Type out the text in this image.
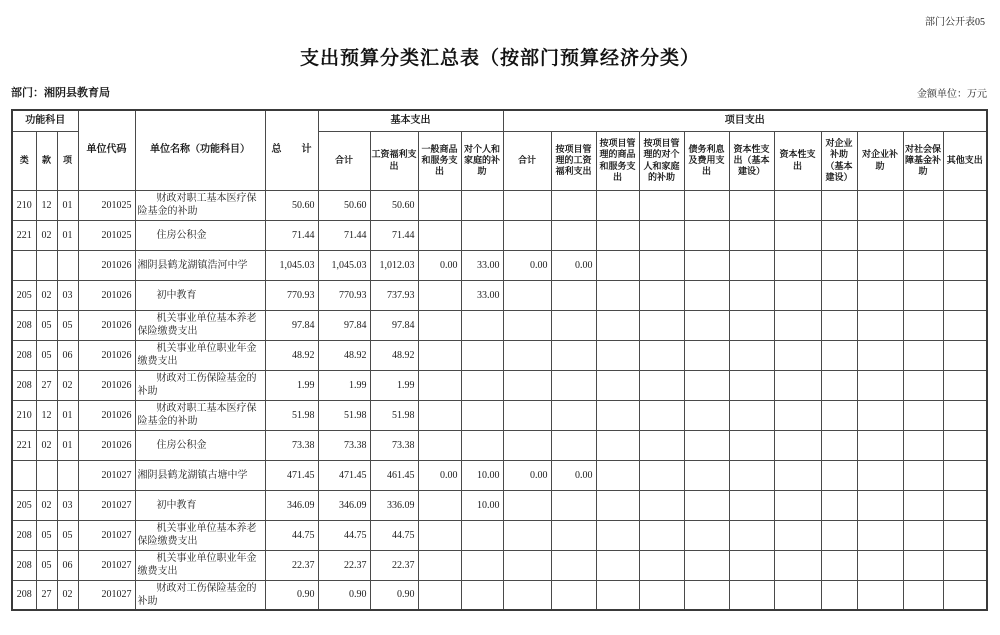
部门公开表05
支出预算分类汇总表（按部门预算经济分类）
部门：湘阴县教育局	金额单位：万元
功能科目			单位代码	单位名称（功能科目）	总　　计	基本支出				项目支出										
类	款	项				合计	工资福利支出	一般商品和服务支出	对个人和家庭的补助	合计	按项目管理的工资福利支出	按项目管理的商品和服务支出	按项目管理的对个人和家庭的补助	债务利息及费用支出	资本性支出（基本建设）	资本性支出	对企业补助（基本建设）	对企业补助	对社会保障基金补助	其他支出
210	12	01	201025	财政对职工基本医疗保险基金的补助	50.60	50.60	50.60													
221	02	01	201025	住房公积金	71.44	71.44	71.44													
			201026	湘阴县鹤龙湖镇浩河中学	1,045.03	1,045.03	1,012.03	0.00	33.00	0.00	0.00									
205	02	03	201026	初中教育	770.93	770.93	737.93		33.00											
208	05	05	201026	机关事业单位基本养老保险缴费支出	97.84	97.84	97.84													
208	05	06	201026	机关事业单位职业年金缴费支出	48.92	48.92	48.92													
208	27	02	201026	财政对工伤保险基金的补助	1.99	1.99	1.99													
210	12	01	201026	财政对职工基本医疗保险基金的补助	51.98	51.98	51.98													
221	02	01	201026	住房公积金	73.38	73.38	73.38													
			201027	湘阴县鹤龙湖镇古塘中学	471.45	471.45	461.45	0.00	10.00	0.00	0.00									
205	02	03	201027	初中教育	346.09	346.09	336.09		10.00											
208	05	05	201027	机关事业单位基本养老保险缴费支出	44.75	44.75	44.75													
208	05	06	201027	机关事业单位职业年金缴费支出	22.37	22.37	22.37													
208	27	02	201027	财政对工伤保险基金的补助	0.90	0.90	0.90													
